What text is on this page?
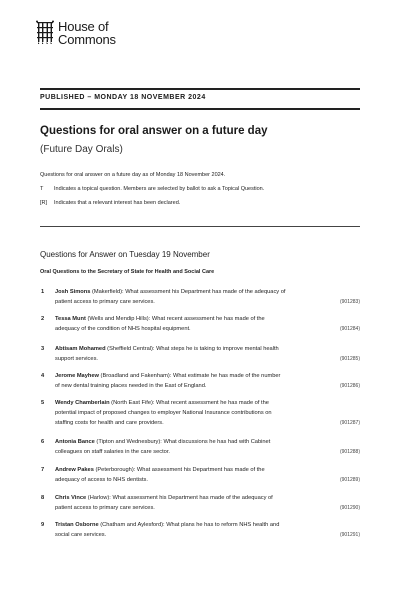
House of
Commons
PUBLISHED – MONDAY 18 NOVEMBER 2024
Questions for oral answer on a future day
(Future Day Orals)
Questions for oral answer on a future day as of Monday 18 November 2024.
T	Indicates a topical question. Members are selected by ballot to ask a Topical Question.
[R]	Indicates that a relevant interest has been declared.
Questions for Answer on Tuesday 19 November
Oral Questions to the Secretary of State for Health and Social Care
1 Josh Simons (Makerfield): What assessment his Department has made of the adequacy of
patient access to primary care services.	(901283)
2 Tessa Munt (Wells and Mendip Hills): What recent assessment he has made of the
adequacy of the condition of NHS hospital equipment.	(901284)
3 Abtisam Mohamed (Sheffield Central): What steps he is taking to improve mental health
support services.	(901285)
4 Jerome Mayhew (Broadland and Fakenham): What estimate he has made of the number
of new dental training places needed in the East of England.	(901286)
5 Wendy Chamberlain (North East Fife): What recent assessment he has made of the
potential impact of proposed changes to employer National Insurance contributions on
staffing costs for health and care providers.	(901287)
6 Antonia Bance (Tipton and Wednesbury): What discussions he has had with Cabinet
colleagues on staff salaries in the care sector.	(901288)
7 Andrew Pakes (Peterborough): What assessment his Department has made of the
adequacy of access to NHS dentists.	(901289)
8 Chris Vince (Harlow): What assessment his Department has made of the adequacy of
patient access to primary care services.	(901290)
9 Tristan Osborne (Chatham and Aylesford): What plans he has to reform NHS health and
social care services.	(901291)
